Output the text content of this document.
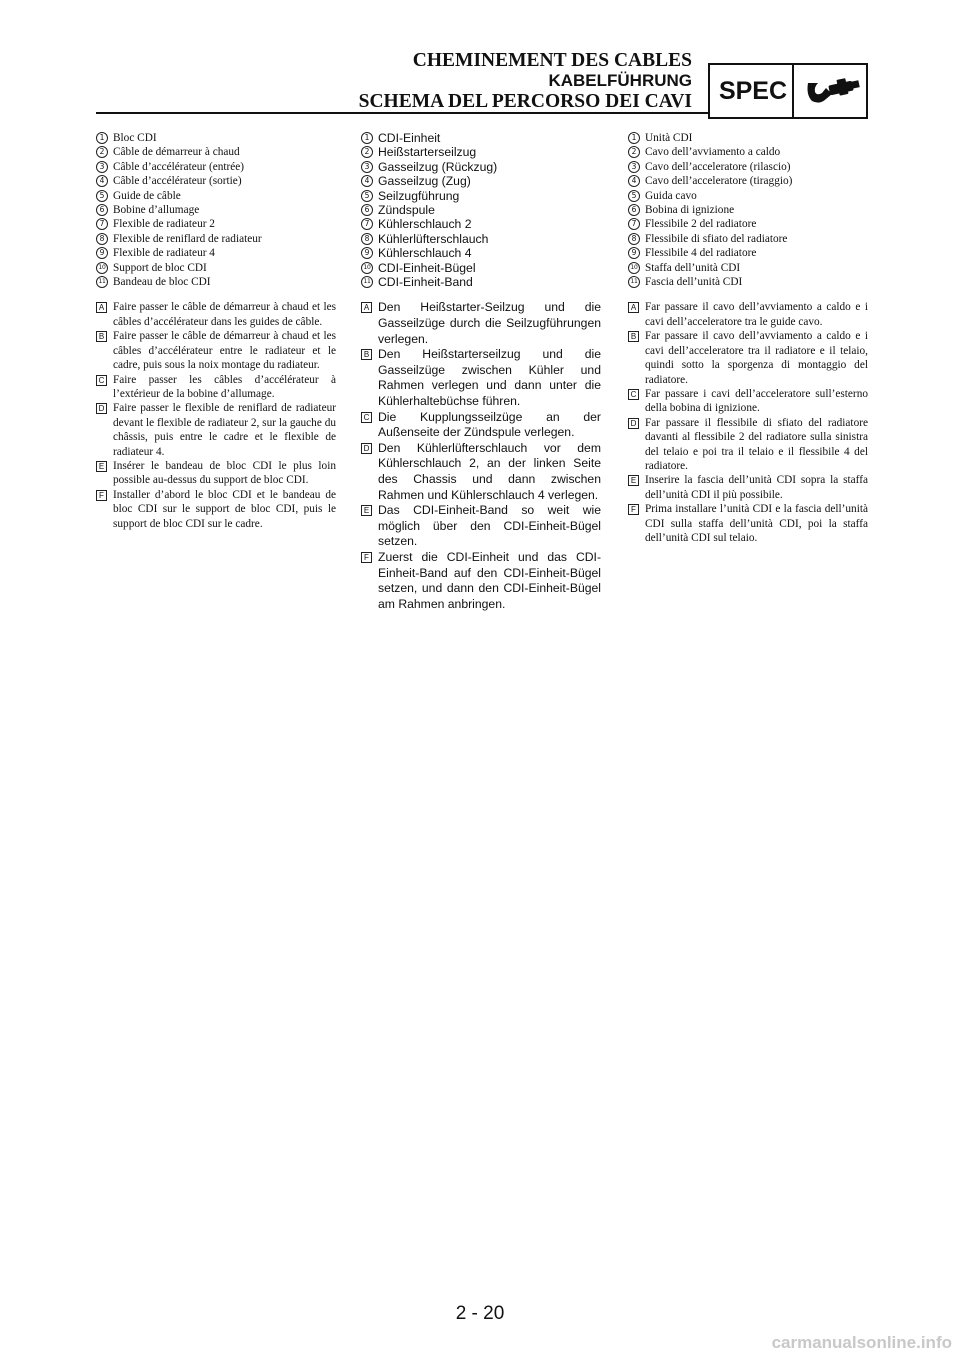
CHEMINEMENT DES CABLES
KABELFÜHRUNG
SCHEMA DEL PERCORSO DEI CAVI SPEC
1 Bloc CDI
2 Câble de démarreur à chaud
3 Câble d’accélérateur (entrée)
4 Câble d’accélérateur (sortie)
5 Guide de câble
6 Bobine d’allumage
7 Flexible de radiateur 2
8 Flexible de reniflard de radiateur
9 Flexible de radiateur 4
10 Support de bloc CDI
11 Bandeau de bloc CDI
A Faire passer le câble de démarreur à chaud et les câbles d’accélérateur dans les guides de câble.
B Faire passer le câble de démarreur à chaud et les câbles d’accélérateur entre le radiateur et le cadre, puis sous la noix montage du radiateur.
C Faire passer les câbles d’accélérateur à l’extérieur de la bobine d’allumage.
D Faire passer le flexible de reniflard de radiateur devant le flexible de radiateur 2, sur la gauche du châssis, puis entre le cadre et le flexible de radiateur 4.
E Insérer le bandeau de bloc CDI le plus loin possible au-dessus du support de bloc CDI.
F Installer d’abord le bloc CDI et le bandeau de bloc CDI sur le support de bloc CDI, puis le support de bloc CDI sur le cadre.
1 CDI-Einheit
2 Heißstarterseilzug
3 Gasseilzug (Rückzug)
4 Gasseilzug (Zug)
5 Seilzugführung
6 Zündspule
7 Kühlerschlauch 2
8 Kühlerlüfterschlauch
9 Kühlerschlauch 4
10 CDI-Einheit-Bügel
11 CDI-Einheit-Band
A Den Heißstarter-Seilzug und die Gasseilzüge durch die Seilzugführungen verlegen.
B Den Heißstarterseilzug und die Gasseilzüge zwischen Kühler und Rahmen verlegen und dann unter die Kühlerhaltebüchse führen.
C Die Kupplungsseilzüge an der Außenseite der Zündspule verlegen.
D Den Kühlerlüfterschlauch vor dem Kühlerschlauch 2, an der linken Seite des Chassis und dann zwischen Rahmen und Kühlerschlauch 4 verlegen.
E Das CDI-Einheit-Band so weit wie möglich über den CDI-Einheit-Bügel setzen.
F Zuerst die CDI-Einheit und das CDI-Einheit-Band auf den CDI-Einheit-Bügel setzen, und dann den CDI-Einheit-Bügel am Rahmen anbringen.
1 Unità CDI
2 Cavo dell’avviamento a caldo
3 Cavo dell’acceleratore (rilascio)
4 Cavo dell’acceleratore (tiraggio)
5 Guida cavo
6 Bobina di ignizione
7 Flessibile 2 del radiatore
8 Flessibile di sfiato del radiatore
9 Flessibile 4 del radiatore
10 Staffa dell’unità CDI
11 Fascia dell’unità CDI
A Far passare il cavo dell’avviamento a caldo e i cavi dell’acceleratore tra le guide cavo.
B Far passare il cavo dell’avviamento a caldo e i cavi dell’acceleratore tra il radiatore e il telaio, quindi sotto la sporgenza di montaggio del radiatore.
C Far passare i cavi dell’acceleratore sull’esterno della bobina di ignizione.
D Far passare il flessibile di sfiato del radiatore davanti al flessibile 2 del radiatore sulla sinistra del telaio e poi tra il telaio e il flessibile 4 del radiatore.
E Inserire la fascia dell’unità CDI sopra la staffa dell’unità CDI il più possibile.
F Prima installare l’unità CDI e la fascia dell’unità CDI sulla staffa dell’unità CDI, poi la staffa dell’unità CDI sul telaio.
2 - 20
carmanualsonline.info
